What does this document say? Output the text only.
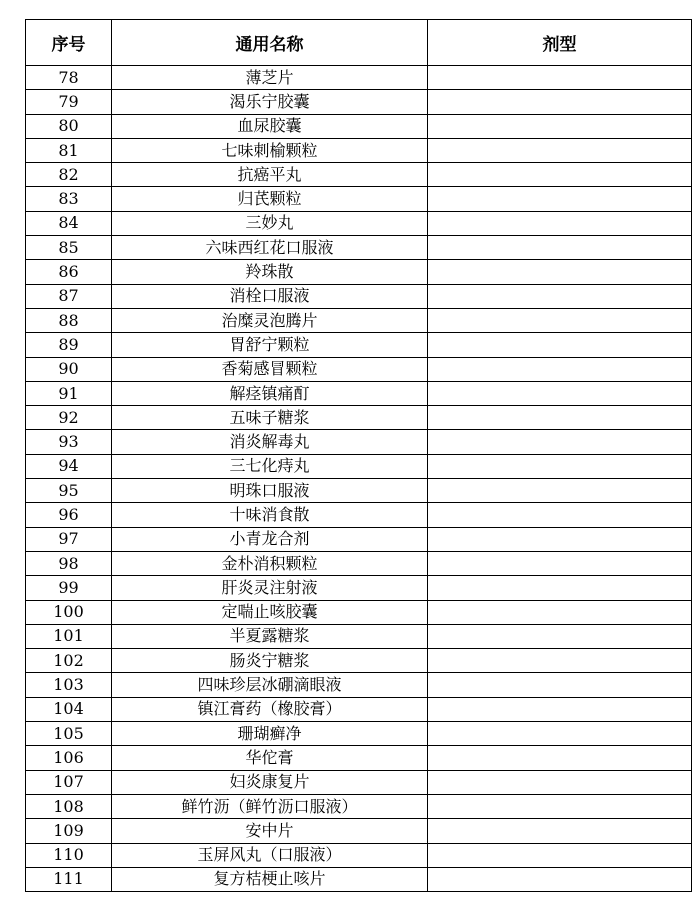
序号	通用名称	剂型
78	薄芝片	
79	渴乐宁胶囊	
80	血尿胶囊	
81	七味刺榆颗粒	
82	抗癌平丸	
83	归芪颗粒	
84	三妙丸	
85	六味西红花口服液	
86	羚珠散	
87	消栓口服液	
88	治糜灵泡腾片	
89	胃舒宁颗粒	
90	香菊感冒颗粒	
91	解痉镇痛酊	
92	五味子糖浆	
93	消炎解毒丸	
94	三七化痔丸	
95	明珠口服液	
96	十味消食散	
97	小青龙合剂	
98	金朴消积颗粒	
99	肝炎灵注射液	
100	定喘止咳胶囊	
101	半夏露糖浆	
102	肠炎宁糖浆	
103	四味珍层冰硼滴眼液	
104	镇江膏药（橡胶膏）	
105	珊瑚癣净	
106	华佗膏	
107	妇炎康复片	
108	鲜竹沥（鲜竹沥口服液）	
109	安中片	
110	玉屏风丸（口服液）	
111	复方桔梗止咳片	
